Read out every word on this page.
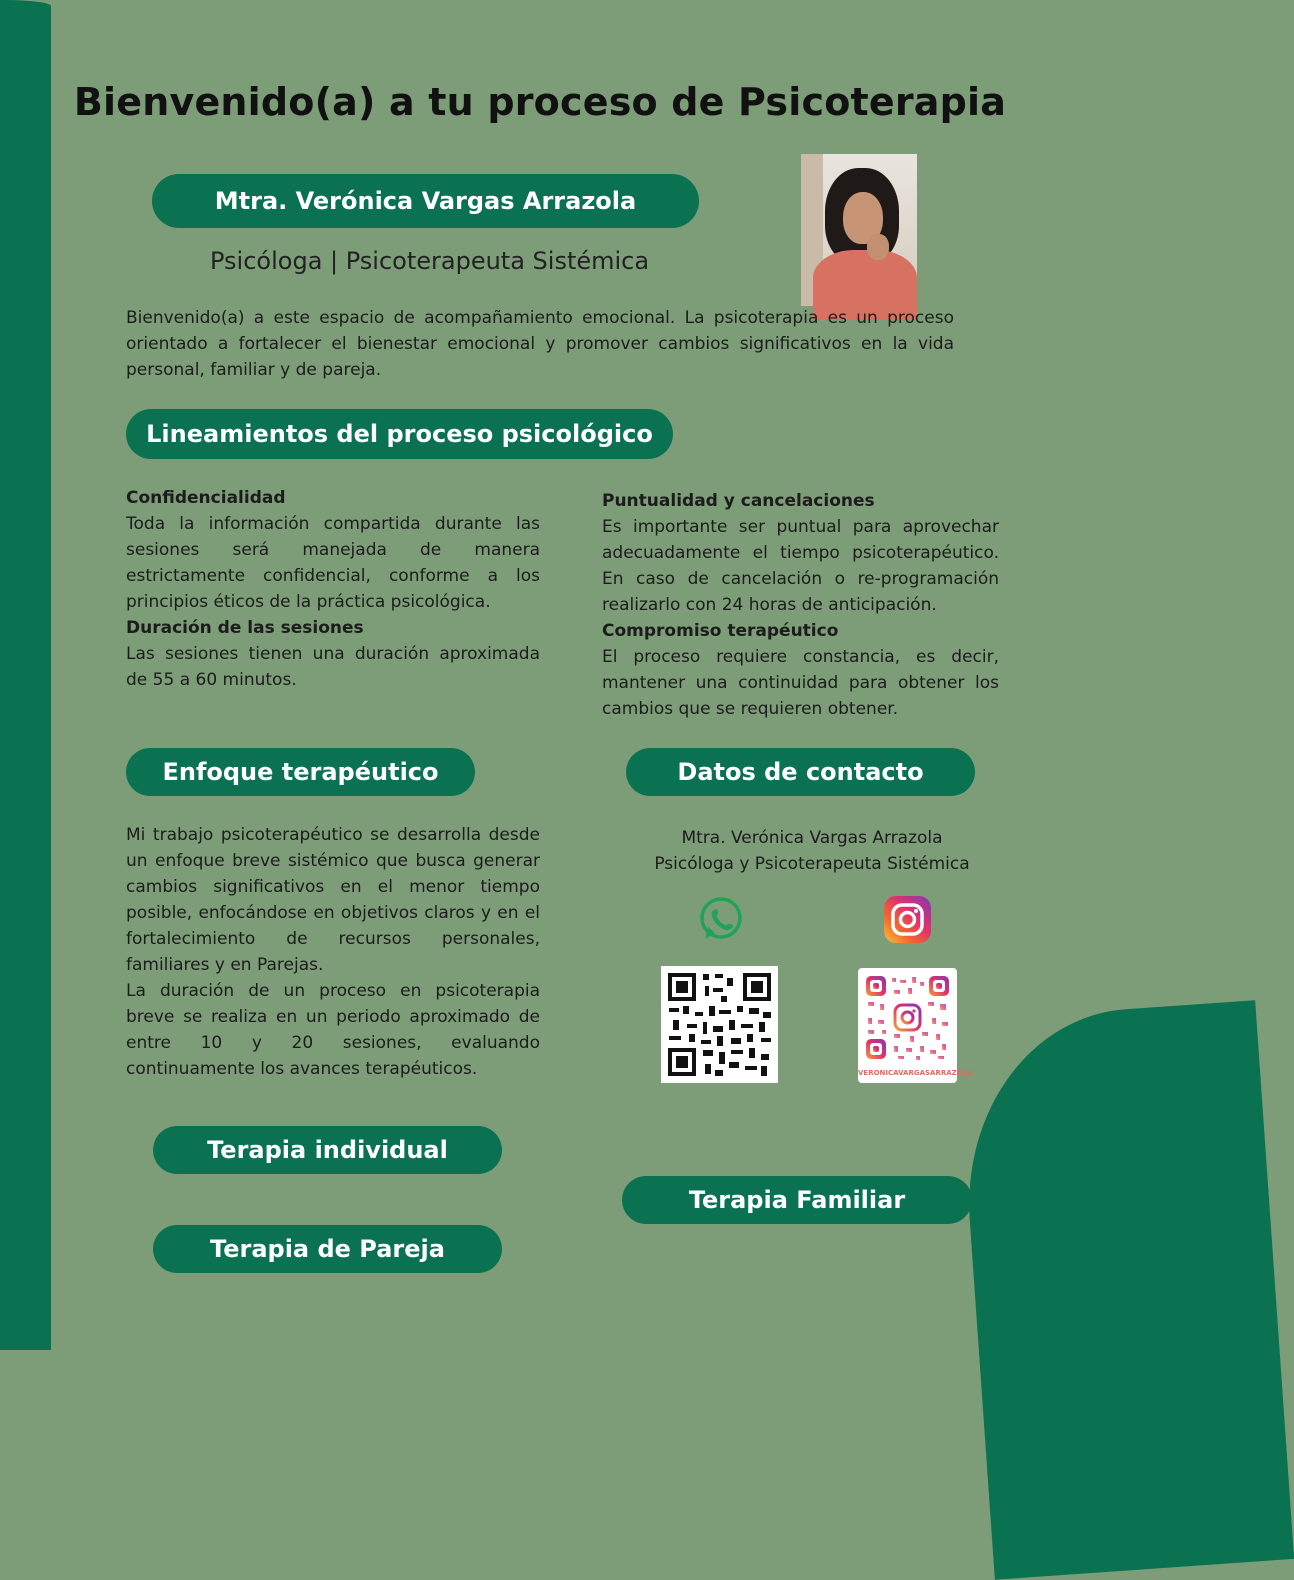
Bienvenido(a) a tu proceso de Psicoterapia
Mtra. Verónica Vargas Arrazola
Psicóloga | Psicoterapeuta Sistémica

Bienvenido(a) a este espacio de acompañamiento emocional. La psicoterapia es un proceso orientado a fortalecer el bienestar emocional y promover cambios significativos en la vida personal, familiar y de pareja.

Lineamientos del proceso psicológico
Confidencialidad

Toda la información compartida durante las sesiones será manejada de manera estrictamente confidencial, conforme a los principios éticos de la práctica psicológica.

Duración de las sesiones

Las sesiones tienen una duración aproximada de 55 a 60 minutos.

Puntualidad y cancelaciones

Es importante ser puntual para aprovechar adecuadamente el tiempo psicoterapéutico. En caso de cancelación o re-programación realizarlo con 24 horas de anticipación.

Compromiso terapéutico

El proceso requiere constancia, es decir, mantener una continuidad para obtener los cambios que se requieren obtener.

Enfoque terapéutico

Mi trabajo psicoterapéutico se desarrolla desde un enfoque breve sistémico que busca generar cambios significativos en el menor tiempo posible, enfocándose en objetivos claros y en el fortalecimiento de recursos personales, familiares y en Parejas.

La duración de un proceso en psicoterapia breve se realiza en un periodo aproximado de entre 10 y 20 sesiones, evaluando continuamente los avances terapéuticos.

Datos de contacto
Mtra. Verónica Vargas Arrazola
Psicóloga y Psicoterapeuta Sistémica
VERONICAVARGASARRAZOLA
Terapia individual
Terapia de Pareja
Terapia Familiar
